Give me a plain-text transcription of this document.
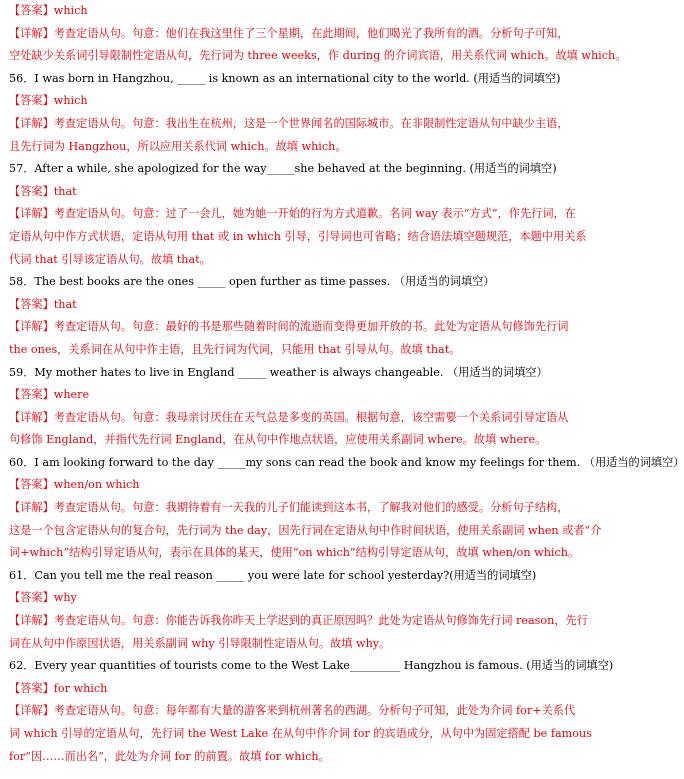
【答案】which
【详解】考查定语从句。句意：他们在我这里住了三个星期，在此期间，他们喝光了我所有的酒。分析句子可知，
空处缺少关系词引导限制性定语从句，先行词为 three weeks，作 during 的介词宾语，用关系代词 which。故填 which。
56．I was born in Hangzhou, _____ is known as an international city to the world. (用适当的词填空)
【答案】which
【详解】考查定语从句。句意：我出生在杭州，这是一个世界闻名的国际城市。在非限制性定语从句中缺少主语，
且先行词为 Hangzhou，所以应用关系代词 which。故填 which。
57．After a while, she apologized for the way_____she behaved at the beginning. (用适当的词填空)
【答案】that
【详解】考查定语从句。句意：过了一会儿，她为她一开始的行为方式道歉。名词 way 表示“方式”，作先行词，在
定语从句中作方式状语，定语从句用 that 或 in which 引导，引导词也可省略；结合语法填空题规范，本题中用关系
代词 that 引导该定语从句。故填 that。
58．The best books are the ones _____ open further as time passes. （用适当的词填空）
【答案】that
【详解】考查定语从句。句意：最好的书是那些随着时间的流逝而变得更加开放的书。此处为定语从句修饰先行词
the ones，关系词在从句中作主语，且先行词为代词，只能用 that 引导从句。故填 that。
59．My mother hates to live in England _____ weather is always changeable. （用适当的词填空）
【答案】where
【详解】考查定语从句。句意：我母亲讨厌住在天气总是多变的英国。根据句意，该空需要一个关系词引导定语从
句修饰 England，并指代先行词 England，在从句中作地点状语，应使用关系副词 where。故填 where。
60．I am looking forward to the day _____my sons can read the book and know my feelings for them. （用适当的词填空）
【答案】when/on which
【详解】考查定语从句。句意：我期待着有一天我的儿子们能读到这本书，了解我对他们的感受。分析句子结构，
这是一个包含定语从句的复合句，先行词为 the day，因先行词在定语从句中作时间状语，使用关系副词 when 或者“介
词+which”结构引导定语从句，表示在具体的某天，使用“on which”结构引导定语从句，故填 when/on which。
61．Can you tell me the real reason _____ you were late for school yesterday?(用适当的词填空)
【答案】why
【详解】考查定语从句。句意：你能告诉我你昨天上学迟到的真正原因吗？此处为定语从句修饰先行词 reason，先行
词在从句中作原因状语，用关系副词 why 引导限制性定语从句。故填 why。
62．Every year quantities of tourists come to the West Lake_________ Hangzhou is famous. (用适当的词填空)
【答案】for which
【详解】考查定语从句。句意：每年都有大量的游客来到杭州著名的西湖。分析句子可知，此处为介词 for+关系代
词 which 引导的定语从句，先行词 the West Lake 在从句中作介词 for 的宾语成分，从句中为固定搭配 be famous
for“因……而出名”，此处为介词 for 的前置。故填 for which。
